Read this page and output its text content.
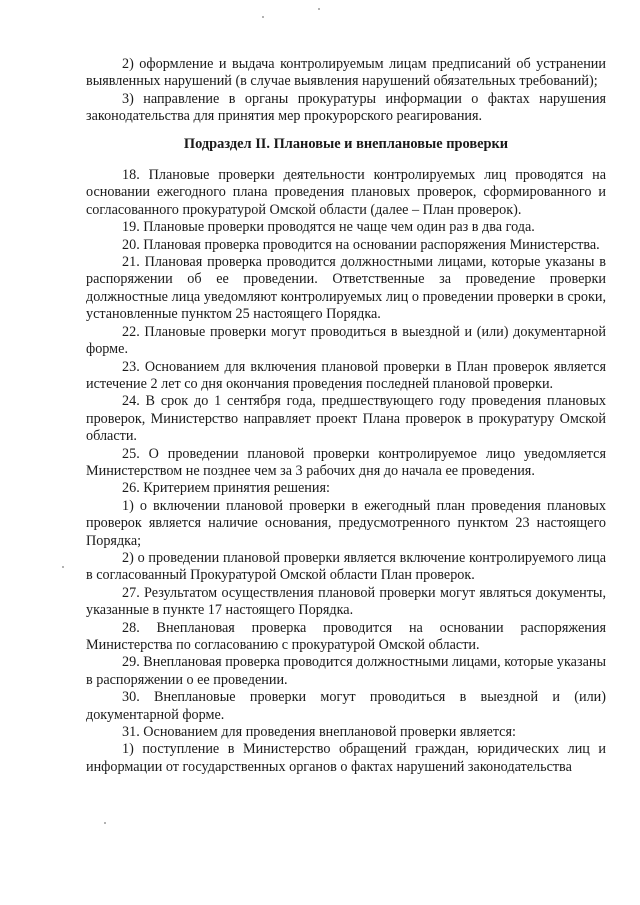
2) оформление и выдача контролируемым лицам предписаний об устранении выявленных нарушений (в случае выявления нарушений обязательных требований);

3) направление в органы прокуратуры информации о фактах нарушения законодательства для принятия мер прокурорского реагирования.

Подраздел II. Плановые и внеплановые проверки

18. Плановые проверки деятельности контролируемых лиц проводятся на основании ежегодного плана проведения плановых проверок, сформированного и согласованного прокуратурой Омской области (далее – План проверок).

19. Плановые проверки проводятся не чаще чем один раз в два года.

20. Плановая проверка проводится на основании распоряжения Министерства.

21. Плановая проверка проводится должностными лицами, которые указаны в распоряжении об ее проведении. Ответственные за проведение проверки должностные лица уведомляют контролируемых лиц о проведении проверки в сроки, установленные пунктом 25 настоящего Порядка.

22. Плановые проверки могут проводиться в выездной и (или) документарной форме.

23. Основанием для включения плановой проверки в План проверок является истечение 2 лет со дня окончания проведения последней плановой проверки.

24. В срок до 1 сентября года, предшествующего году проведения плановых проверок, Министерство направляет проект Плана проверок в прокуратуру Омской области.

25. О проведении плановой проверки контролируемое лицо уведомляется Министерством не позднее чем за 3 рабочих дня до начала ее проведения.

26. Критерием принятия решения:

1) о включении плановой проверки в ежегодный план проведения плановых проверок является наличие основания, предусмотренного пунктом 23 настоящего Порядка;

2) о проведении плановой проверки является включение контролируемого лица в согласованный Прокуратурой Омской области План проверок.

27. Результатом осуществления плановой проверки могут являться документы, указанные в пункте 17 настоящего Порядка.

28. Внеплановая проверка проводится на основании распоряжения Министерства по согласованию с прокуратурой Омской области.

29. Внеплановая проверка проводится должностными лицами, которые указаны в распоряжении о ее проведении.

30. Внеплановые проверки могут проводиться в выездной и (или) документарной форме.

31. Основанием для проведения внеплановой проверки является:

1) поступление в Министерство обращений граждан, юридических лиц и информации от государственных органов о фактах нарушений законодательства
